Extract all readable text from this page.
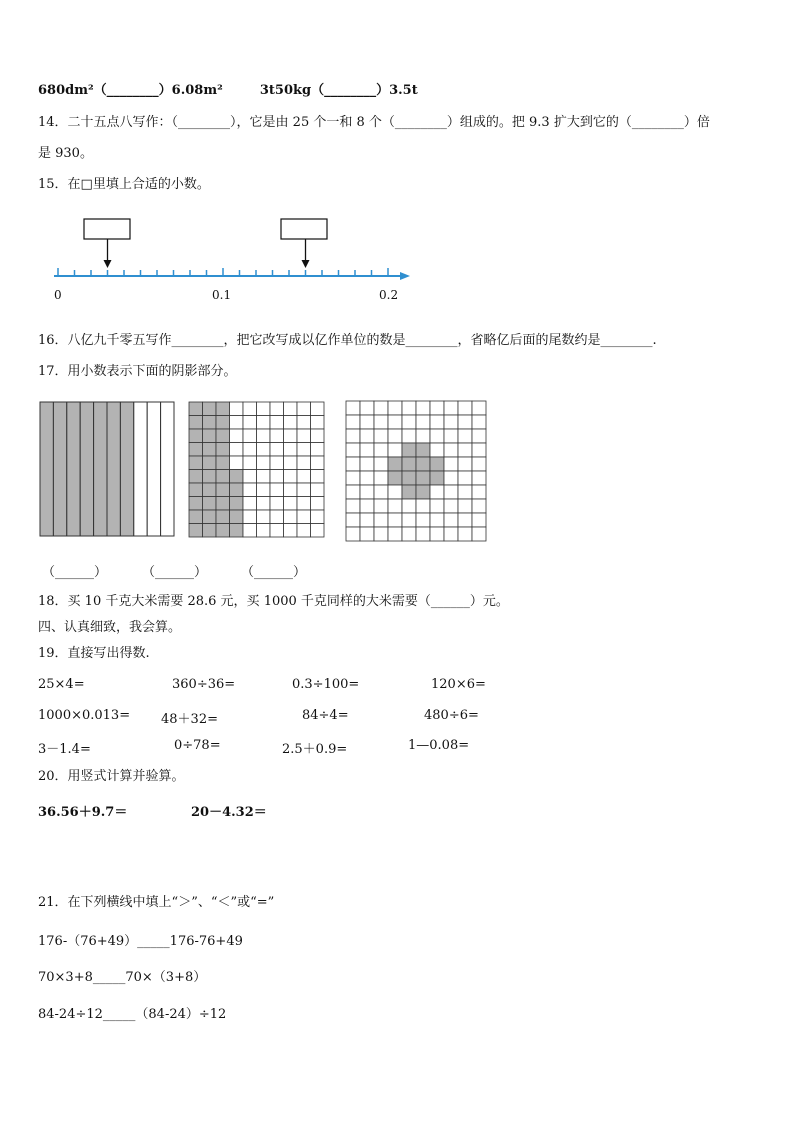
680dm²（________）6.08m²	3t50kg（________）3.5t
14．二十五点八写作：（________），它是由 25 个一和 8 个（________）组成的。把 9.3 扩大到它的（________）倍
是 930。
15．在□里填上合适的小数。
0	0.1	0.2
16．八亿九千零五写作________，把它改写成以亿作单位的数是________，省略亿后面的尾数约是________.
17．用小数表示下面的阴影部分。
（______）	（______）	（______）
18．买 10 千克大米需要 28.6 元，买 1000 千克同样的大米需要（______）元。
四、认真细致，我会算。
19．直接写出得数.
25×4=	360÷36=	0.3÷100=	120×6=
1000×0.013= 48＋32=	84÷4=	480÷6=
3－1.4=	0÷78=	2.5＋0.9=	1—0.08=
20．用竖式计算并验算。
36.56＋9.7＝	20－4.32＝
21．在下列横线中填上“＞”、“＜”或“=”
176-（76+49）_____176-76+49
70×3+8_____70×（3+8）
84-24÷12_____（84-24）÷12
